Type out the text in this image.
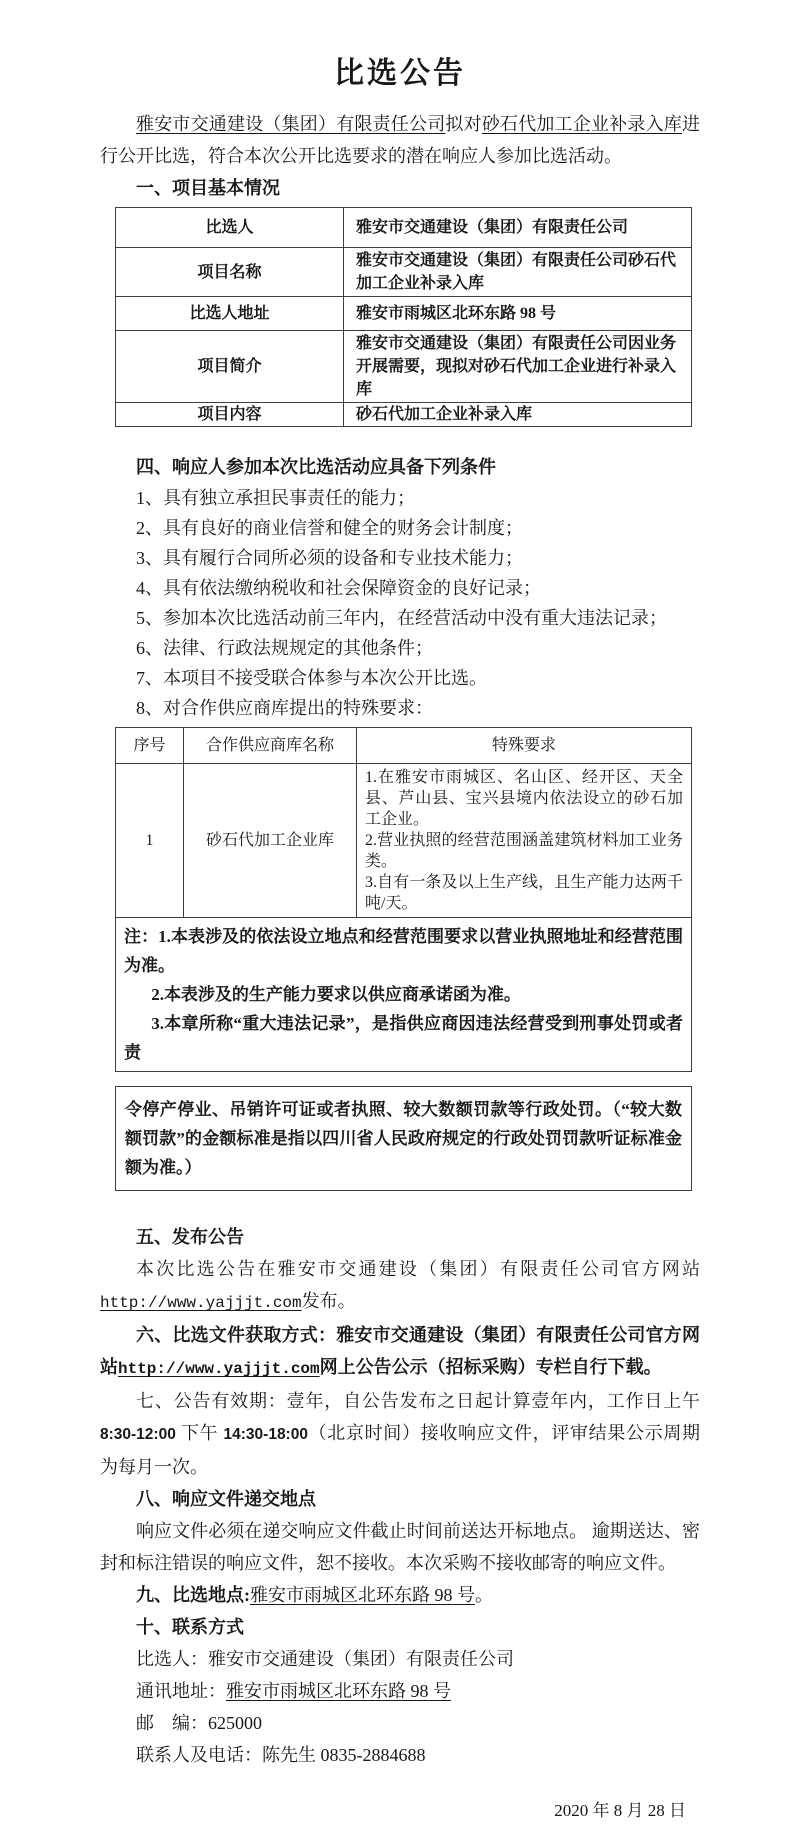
比选公告

雅安市交通建设（集团）有限责任公司拟对砂石代加工企业补录入库进行公开比选，符合本次公开比选要求的潜在响应人参加比选活动。

一、项目基本情况

比选人	雅安市交通建设（集团）有限责任公司
项目名称	雅安市交通建设（集团）有限责任公司砂石代加工企业补录入库
比选人地址	雅安市雨城区北环东路 98 号
项目简介	雅安市交通建设（集团）有限责任公司因业务开展需要，现拟对砂石代加工企业进行补录入库
项目内容	砂石代加工企业补录入库

四、响应人参加本次比选活动应具备下列条件

1、具有独立承担民事责任的能力；

2、具有良好的商业信誉和健全的财务会计制度；

3、具有履行合同所必须的设备和专业技术能力；

4、具有依法缴纳税收和社会保障资金的良好记录；

5、参加本次比选活动前三年内，在经营活动中没有重大违法记录；

6、法律、行政法规规定的其他条件；

7、本项目不接受联合体参与本次公开比选。

8、对合作供应商库提出的特殊要求：

序号	合作供应商库名称	特殊要求
1	砂石代加工企业库	1.在雅安市雨城区、名山区、经开区、天全县、芦山县、宝兴县境内依法设立的砂石加工企业。
2.营业执照的经营范围涵盖建筑材料加工业务类。
3.自有一条及以上生产线，且生产能力达两千吨/天。

注：1.本表涉及的依法设立地点和经营范围要求以营业执照地址和经营范围为准。
2.本表涉及的生产能力要求以供应商承诺函为准。
3.本章所称“重大违法记录”，是指供应商因违法经营受到刑事处罚或者责		
令停产停业、吊销许可证或者执照、较大数额罚款等行政处罚。（“较大数额罚款”的金额标准是指以四川省人民政府规定的行政处罚罚款听证标准金额为准。）

五、发布公告

本次比选公告在雅安市交通建设（集团）有限责任公司官方网站http://www.yajjjt.com发布。

六、比选文件获取方式：雅安市交通建设（集团）有限责任公司官方网站http://www.yajjjt.com网上公告公示（招标采购）专栏自行下载。

七、公告有效期：壹年，自公告发布之日起计算壹年内，工作日上午8:30-12:00 下午 14:30-18:00（北京时间）接收响应文件，评审结果公示周期为每月一次。

八、响应文件递交地点

响应文件必须在递交响应文件截止时间前送达开标地点。 逾期送达、密封和标注错误的响应文件，恕不接收。本次采购不接收邮寄的响应文件。

九、比选地点:雅安市雨城区北环东路 98 号。

十、联系方式

比选人：雅安市交通建设（集团）有限责任公司

通讯地址：雅安市雨城区北环东路 98 号

邮　编：625000

联系人及电话：陈先生 0835-2884688

2020 年 8 月 28 日
